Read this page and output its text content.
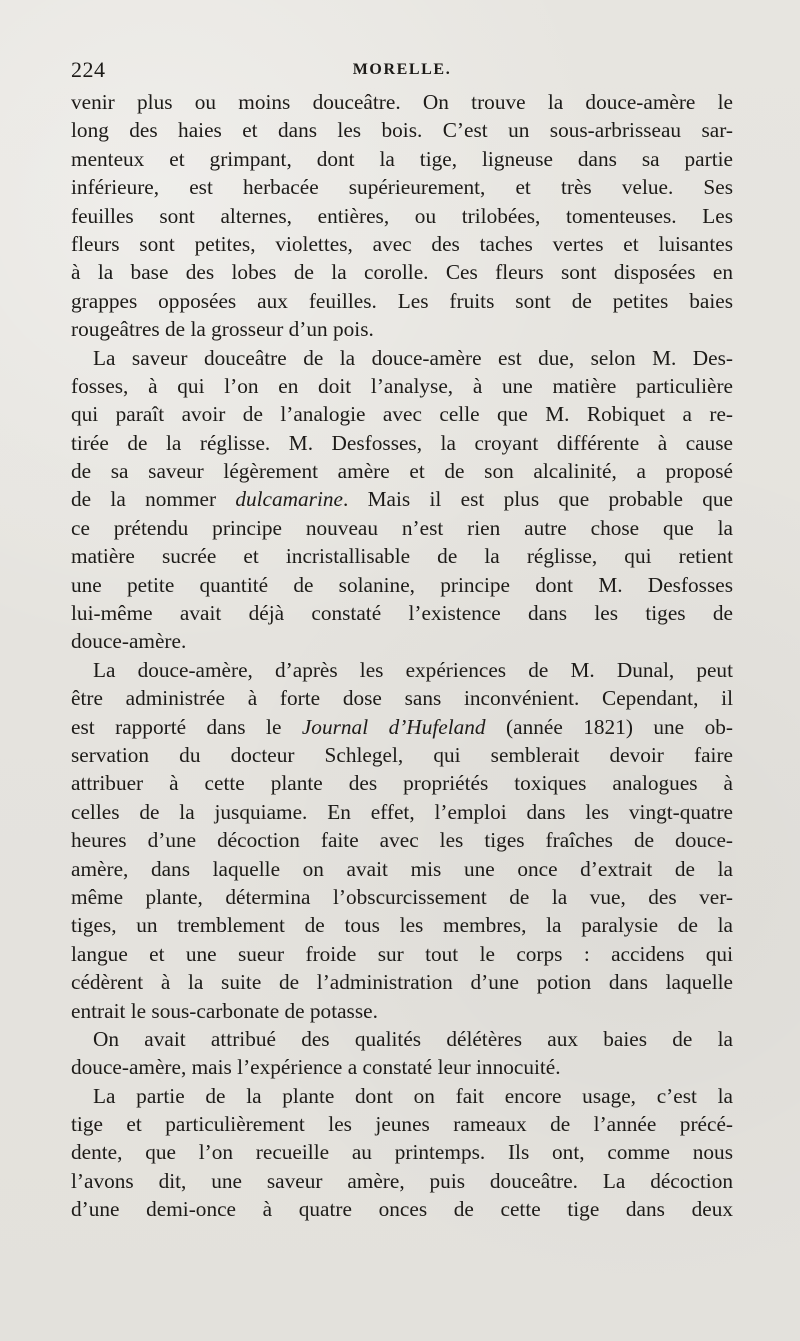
224	MORELLE.
venir plus ou moins douceâtre. On trouve la douce-amère le
long des haies et dans les bois. C’est un sous-arbrisseau sar-
menteux et grimpant, dont la tige, ligneuse dans sa partie
inférieure, est herbacée supérieurement, et très velue. Ses
feuilles sont alternes, entières, ou trilobées, tomenteuses. Les
fleurs sont petites, violettes, avec des taches vertes et luisantes
à la base des lobes de la corolle. Ces fleurs sont disposées en
grappes opposées aux feuilles. Les fruits sont de petites baies
rougeâtres de la grosseur d’un pois.
La saveur douceâtre de la douce-amère est due, selon M. Des-
fosses, à qui l’on en doit l’analyse, à une matière particulière
qui paraît avoir de l’analogie avec celle que M. Robiquet a re-
tirée de la réglisse. M. Desfosses, la croyant différente à cause
de sa saveur légèrement amère et de son alcalinité, a proposé
de la nommer dulcamarine. Mais il est plus que probable que
ce prétendu principe nouveau n’est rien autre chose que la
matière sucrée et incristallisable de la réglisse, qui retient
une petite quantité de solanine, principe dont M. Desfosses
lui-même avait déjà constaté l’existence dans les tiges de
douce-amère.
La douce-amère, d’après les expériences de M. Dunal, peut
être administrée à forte dose sans inconvénient. Cependant, il
est rapporté dans le Journal d’Hufeland (année 1821) une ob-
servation du docteur Schlegel, qui semblerait devoir faire
attribuer à cette plante des propriétés toxiques analogues à
celles de la jusquiame. En effet, l’emploi dans les vingt-quatre
heures d’une décoction faite avec les tiges fraîches de douce-
amère, dans laquelle on avait mis une once d’extrait de la
même plante, détermina l’obscurcissement de la vue, des ver-
tiges, un tremblement de tous les membres, la paralysie de la
langue et une sueur froide sur tout le corps : accidens qui
cédèrent à la suite de l’administration d’une potion dans laquelle
entrait le sous-carbonate de potasse.
On avait attribué des qualités délétères aux baies de la
douce-amère, mais l’expérience a constaté leur innocuité.
La partie de la plante dont on fait encore usage, c’est la
tige et particulièrement les jeunes rameaux de l’année précé-
dente, que l’on recueille au printemps. Ils ont, comme nous
l’avons dit, une saveur amère, puis douceâtre. La décoction
d’une demi-once à quatre onces de cette tige dans deux
